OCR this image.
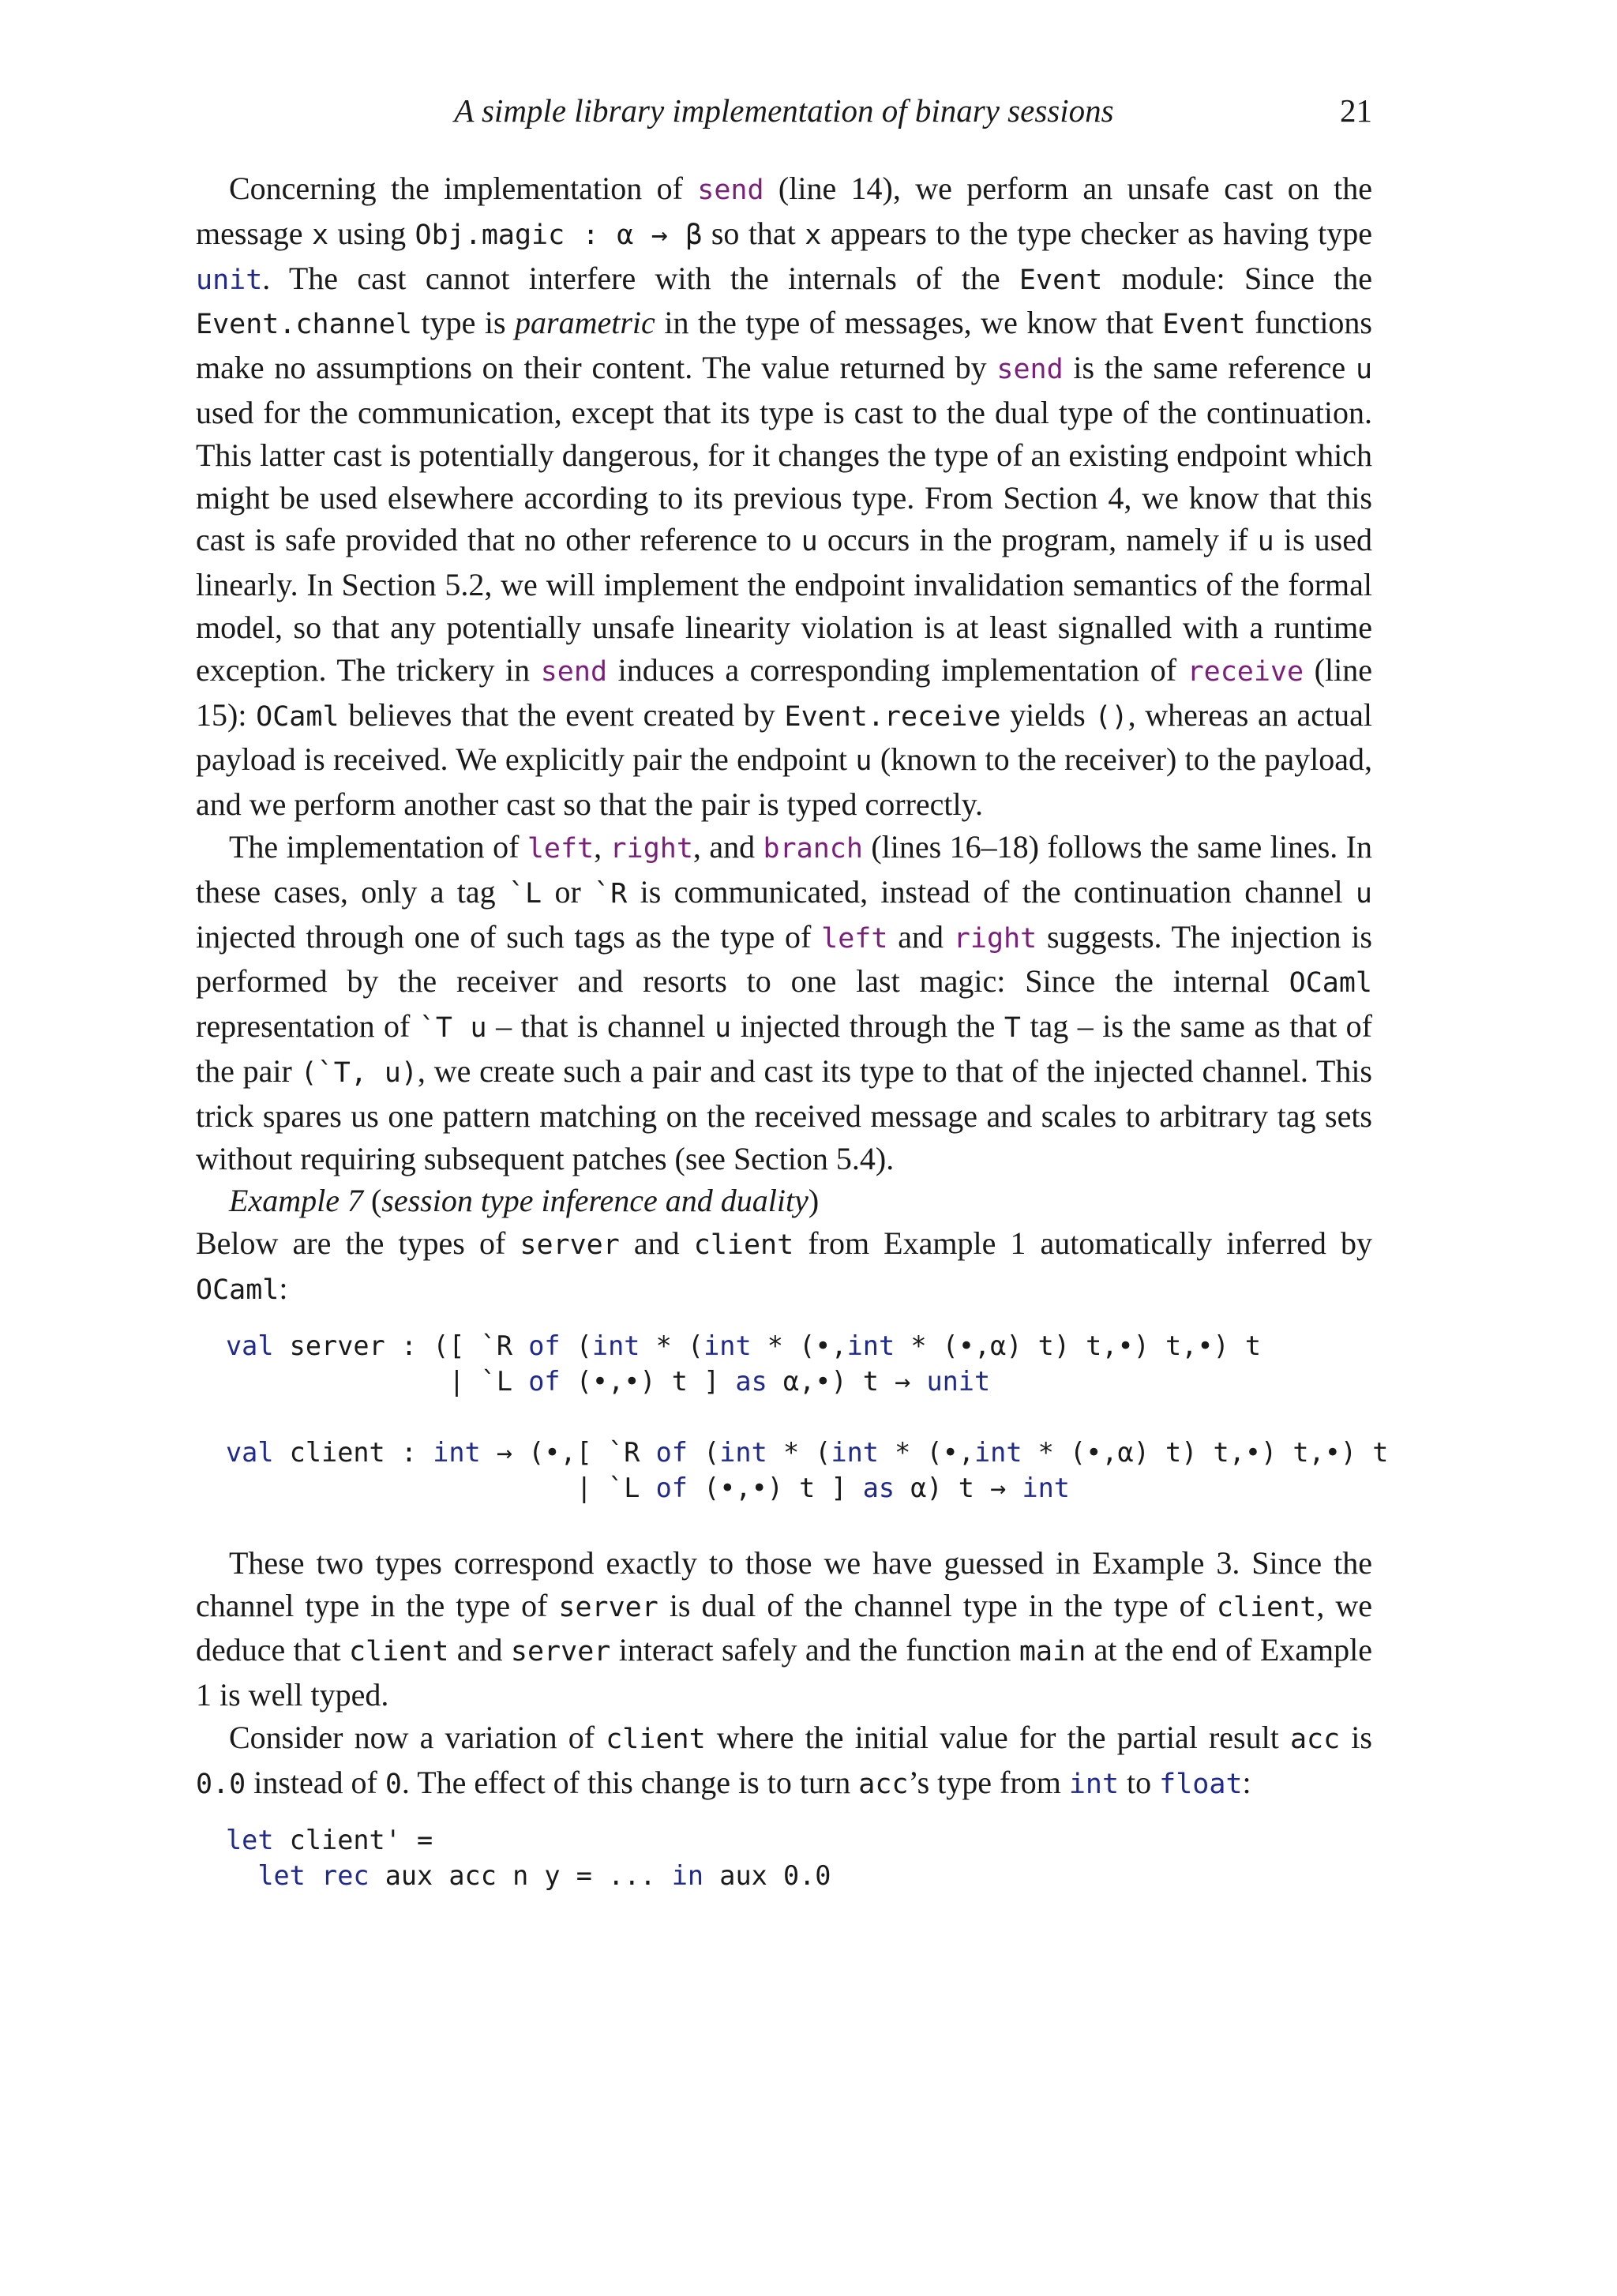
A simple library implementation of binary sessions	21

Concerning the implementation of send (line 14), we perform an unsafe cast on the message x using Obj.magic : α → β so that x appears to the type checker as having type unit. The cast cannot interfere with the internals of the Event module: Since the Event.channel type is parametric in the type of messages, we know that Event functions make no assumptions on their content. The value returned by send is the same reference u used for the communication, except that its type is cast to the dual type of the continuation. This latter cast is potentially dangerous, for it changes the type of an existing endpoint which might be used elsewhere according to its previous type. From Section 4, we know that this cast is safe provided that no other reference to u occurs in the program, namely if u is used linearly. In Section 5.2, we will implement the endpoint invalidation semantics of the formal model, so that any potentially unsafe linearity violation is at least signalled with a runtime exception. The trickery in send induces a corresponding implementation of receive (line 15): OCaml believes that the event created by Event.receive yields (), whereas an actual payload is received. We explicitly pair the endpoint u (known to the receiver) to the payload, and we perform another cast so that the pair is typed correctly.

The implementation of left, right, and branch (lines 16–18) follows the same lines. In these cases, only a tag `L or `R is communicated, instead of the continuation channel u injected through one of such tags as the type of left and right suggests. The injection is performed by the receiver and resorts to one last magic: Since the internal OCaml representation of `T u – that is channel u injected through the T tag – is the same as that of the pair (`T, u), we create such a pair and cast its type to that of the injected channel. This trick spares us one pattern matching on the received message and scales to arbitrary tag sets without requiring subsequent patches (see Section 5.4).

Example 7 (session type inference and duality)

Below are the types of server and client from Example 1 automatically inferred by OCaml:

val server : ([ `R of (int * (int * (•,int * (•,α) t) t,•) t,•) t
| `L of (•,•) t ] as α,•) t → unit

val client : int → (•,[ `R of (int * (int * (•,int * (•,α) t) t,•) t,•) t
| `L of (•,•) t ] as α) t → int

These two types correspond exactly to those we have guessed in Example 3. Since the channel type in the type of server is dual of the channel type in the type of client, we deduce that client and server interact safely and the function main at the end of Example 1 is well typed.

Consider now a variation of client where the initial value for the partial result acc is 0.0 instead of 0. The effect of this change is to turn acc’s type from int to float:

let client' =
let rec aux acc n y = ... in aux 0.0
